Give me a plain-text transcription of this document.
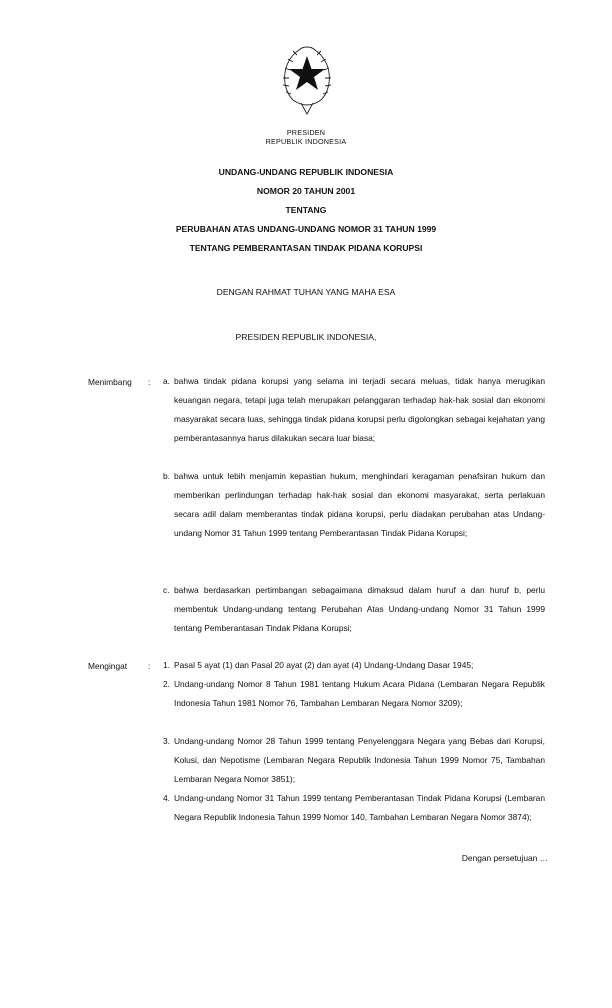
PRESIDEN
REPUBLIK INDONESIA
UNDANG-UNDANG REPUBLIK INDONESIA
NOMOR 20 TAHUN 2001
TENTANG
PERUBAHAN ATAS UNDANG-UNDANG NOMOR 31 TAHUN 1999
TENTANG PEMBERANTASAN TINDAK PIDANA KORUPSI
DENGAN RAHMAT TUHAN YANG MAHA ESA
PRESIDEN REPUBLIK INDONESIA,
Menimbang : a. bahwa tindak pidana korupsi yang selama ini terjadi secara meluas, tidak hanya merugikan keuangan negara, tetapi juga telah merupakan pelanggaran terhadap hak-hak sosial dan ekonomi masyarakat secara luas, sehingga tindak pidana korupsi perlu digolongkan sebagai kejahatan yang pemberantasannya harus dilakukan secara luar biasa;
b. bahwa untuk lebih menjamin kepastian hukum, menghindari keragaman penafsiran hukum dan memberikan perlindungan terhadap hak-hak sosial dan ekonomi masyarakat, serta perlakuan secara adil dalam memberantas tindak pidana korupsi, perlu diadakan perubahan atas Undang-undang Nomor 31 Tahun 1999 tentang Pemberantasan Tindak Pidana Korupsi;
c. bahwa berdasarkan pertimbangan sebagaimana dimaksud dalam huruf a dan huruf b, perlu membentuk Undang-undang tentang Perubahan Atas Undang-undang Nomor 31 Tahun 1999 tentang Pemberantasan Tindak Pidana Korupsi;
Mengingat : 1. Pasal 5 ayat (1) dan Pasal 20 ayat (2) dan ayat (4) Undang-Undang Dasar 1945;
2. Undang-undang Nomor 8 Tahun 1981 tentang Hukum Acara Pidana (Lembaran Negara Republik Indonesia Tahun 1981 Nomor 76, Tambahan Lembaran Negara Nomor 3209);
3. Undang-undang Nomor 28 Tahun 1999 tentang Penyelenggara Negara yang Bebas dari Korupsi, Kolusi, dan Nepotisme (Lembaran Negara Republik Indonesia Tahun 1999 Nomor 75, Tambahan Lembaran Negara Nomor 3851);
4. Undang-undang Nomor 31 Tahun 1999 tentang Pemberantasan Tindak Pidana Korupsi (Lembaran Negara Republik Indonesia Tahun 1999 Nomor 140, Tambahan Lembaran Negara Nomor 3874);
Dengan persetujuan …
